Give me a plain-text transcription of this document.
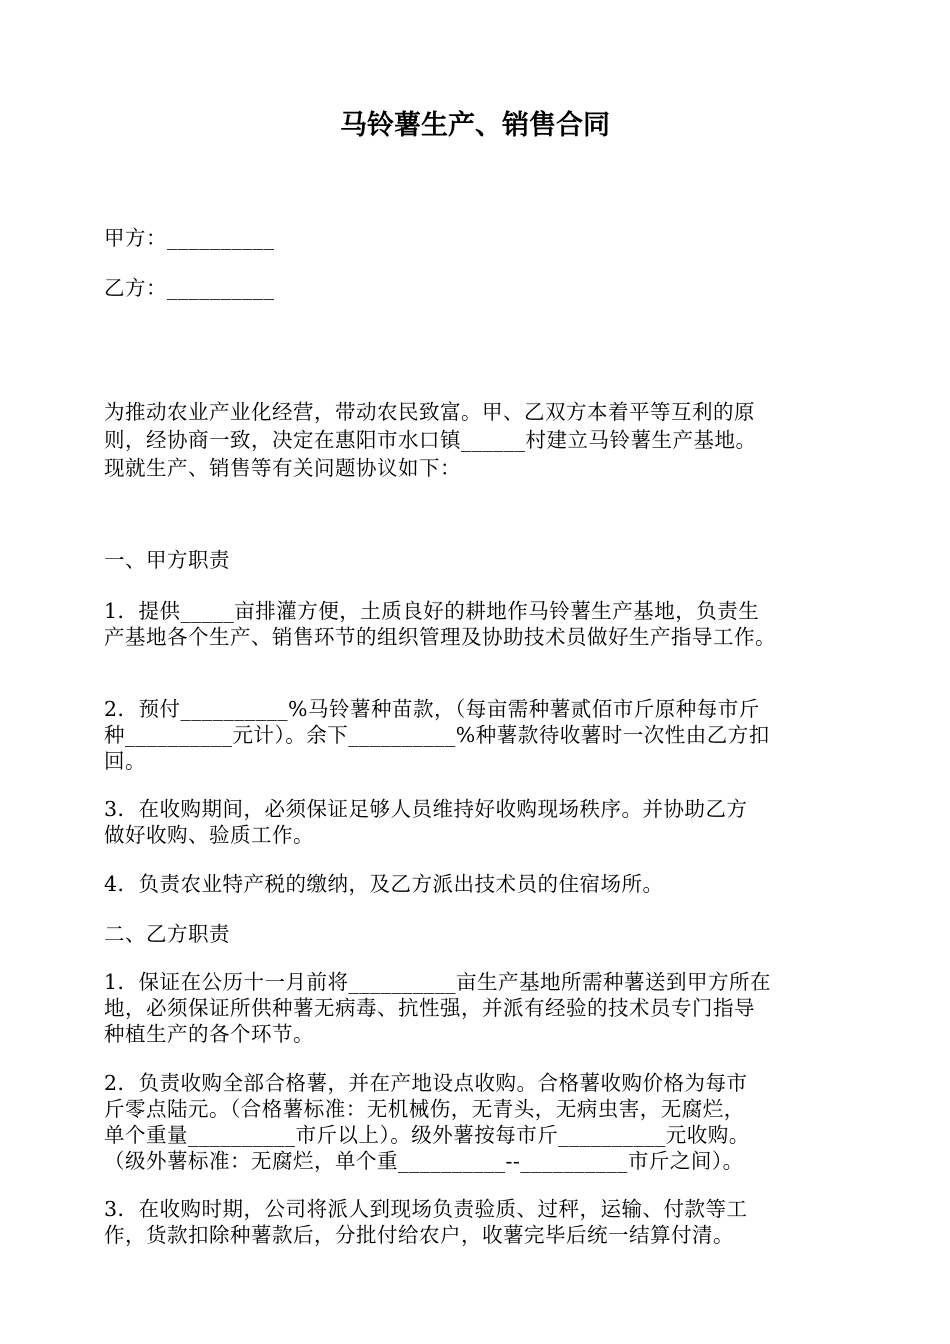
马铃薯生产、销售合同
甲方：__________
乙方：__________
为推动农业产业化经营，带动农民致富。甲、乙双方本着平等互利的原
则，经协商一致，决定在惠阳市水口镇______村建立马铃薯生产基地。
现就生产、销售等有关问题协议如下：
一、甲方职责
1．提供_____亩排灌方便，土质良好的耕地作马铃薯生产基地，负责生
产基地各个生产、销售环节的组织管理及协助技术员做好生产指导工作。
2．预付__________%马铃薯种苗款，（每亩需种薯贰佰市斤原种每市斤
种__________元计）。余下__________%种薯款待收薯时一次性由乙方扣
回。
3．在收购期间，必须保证足够人员维持好收购现场秩序。并协助乙方
做好收购、验质工作。
4．负责农业特产税的缴纳，及乙方派出技术员的住宿场所。
二、乙方职责
1．保证在公历十一月前将__________亩生产基地所需种薯送到甲方所在
地，必须保证所供种薯无病毒、抗性强，并派有经验的技术员专门指导
种植生产的各个环节。
2．负责收购全部合格薯，并在产地设点收购。合格薯收购价格为每市
斤零点陆元。（合格薯标准：无机械伤，无青头，无病虫害，无腐烂，
单个重量__________市斤以上）。级外薯按每市斤__________元收购。
（级外薯标准：无腐烂，单个重__________--__________市斤之间）。
3．在收购时期，公司将派人到现场负责验质、过秤，运输、付款等工
作，货款扣除种薯款后，分批付给农户，收薯完毕后统一结算付清。
